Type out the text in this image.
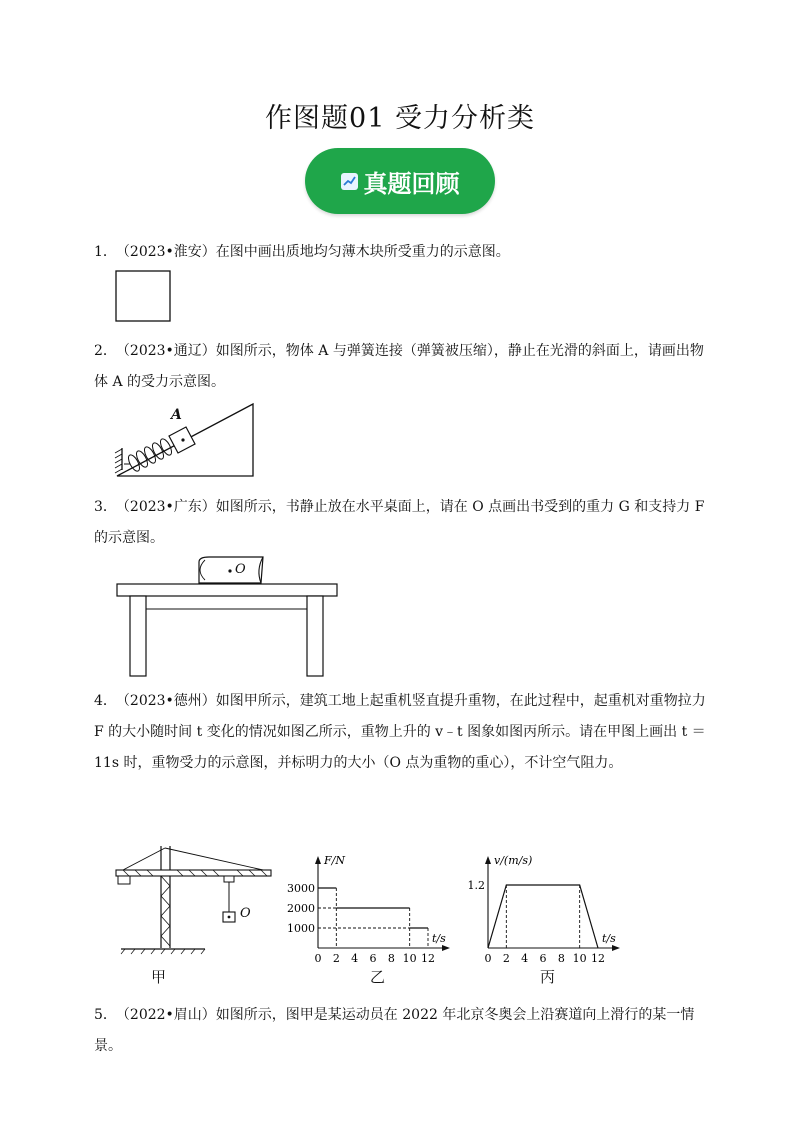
作图题01 受力分析类
真题回顾
1． （2023•淮安）在图中画出质地均匀薄木块所受重力的示意图。
2． （2023•通辽）如图所示，物体 A 与弹簧连接（弹簧被压缩），静止在光滑的斜面上，请画出物体 A 的受力示意图。
A
3． （2023•广东）如图所示，书静止放在水平桌面上，请在 O 点画出书受到的重力 G 和支持力 F 的示意图。
O
4． （2023•德州）如图甲所示，建筑工地上起重机竖直提升重物，在此过程中，起重机对重物拉力 F 的大小随时间 t 变化的情况如图乙所示，重物上升的 v﹣t 图象如图丙所示。请在甲图上画出 t ＝11s 时，重物受力的示意图，并标明力的大小（O 点为重物的重心），不计空气阻力。
O
甲
F/N
t/s
0 2 4 6 8 10 12
1000
2000
3000
乙
v/(m/s)
t/s
0 2 4 6 8 10 12
1.2
丙
5． （2022•眉山）如图所示，图甲是某运动员在 2022 年北京冬奥会上沿赛道向上滑行的某一情景。
